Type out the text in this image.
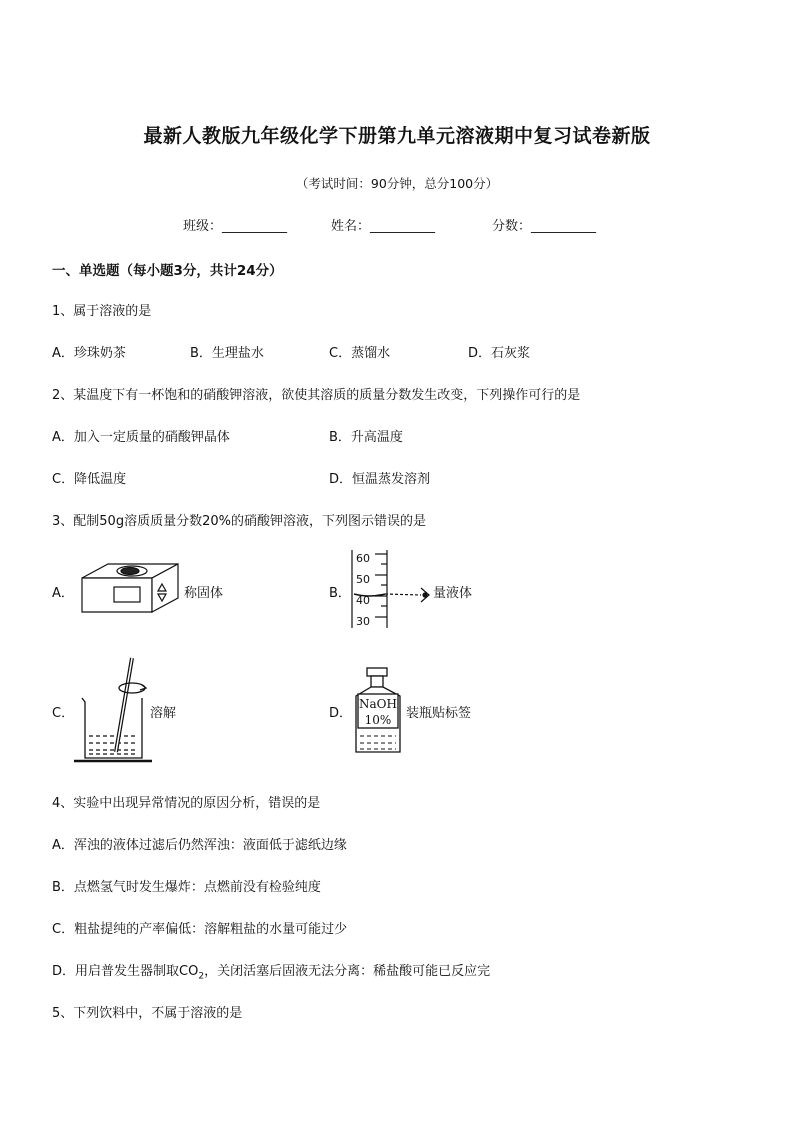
最新人教版九年级化学下册第九单元溶液期中复习试卷新版
（考试时间：90分钟，总分100分）
班级：__________	姓名：__________	分数：__________
一、单选题（每小题3分，共计24分）
1、属于溶液的是
A．珍珠奶茶	B．生理盐水	C．蒸馏水	D．石灰浆
2、某温度下有一杯饱和的硝酸钾溶液，欲使其溶质的质量分数发生改变，下列操作可行的是
A．加入一定质量的硝酸钾晶体	B．升高温度
C．降低温度	D．恒温蒸发溶剂
3、配制50g溶质质量分数20%的硝酸钾溶液，下列图示错误的是
A．	称固体	B．
60
50
40
30
量液体
C．	溶解	D．
NaOH
10% 装瓶贴标签
4、实验中出现异常情况的原因分析，错误的是
A．浑浊的液体过滤后仍然浑浊：液面低于滤纸边缘
B．点燃氢气时发生爆炸：点燃前没有检验纯度
C．粗盐提纯的产率偏低：溶解粗盐的水量可能过少
D．用启普发生器制取$CO_2$，关闭活塞后固液无法分离：稀盐酸可能已反应完
5、下列饮料中，不属于溶液的是
